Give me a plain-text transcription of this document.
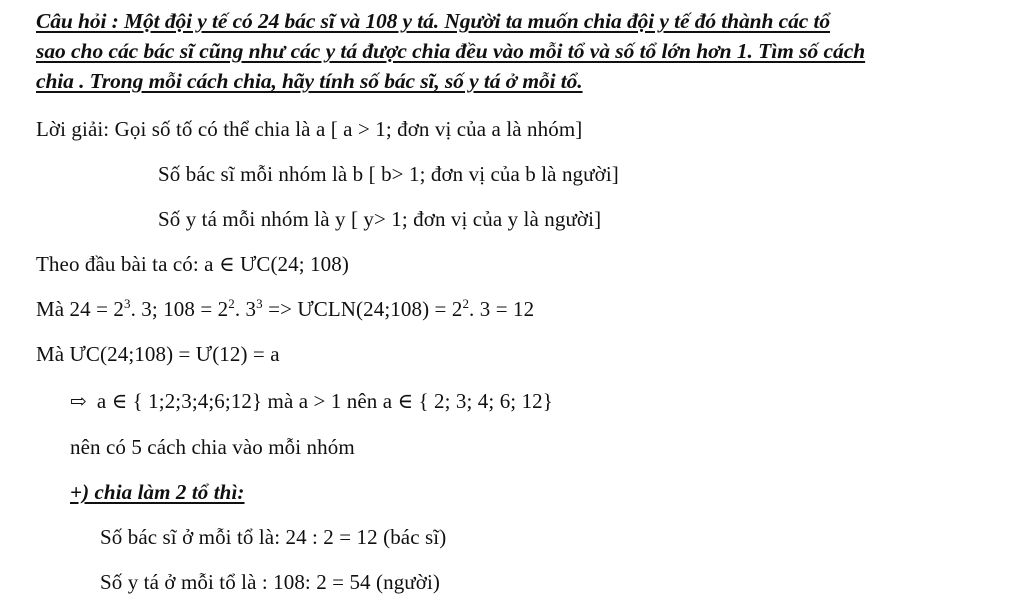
Câu hỏi : Một đội y tế có 24 bác sĩ và 108 y tá. Người ta muốn chia đội y tế đó thành các tổ
sao cho các bác sĩ cũng như các y tá được chia đều vào mỗi tổ và số tổ lớn hơn 1. Tìm số cách
chia . Trong mỗi cách chia, hãy tính số bác sĩ, số y tá ở mỗi tổ.
Lời giải: Gọi số tố có thể chia là a [ a > 1; đơn vị của a là nhóm]
Số bác sĩ mỗi nhóm là b [ b> 1; đơn vị của b là người]
Số y tá mỗi nhóm là y [ y> 1; đơn vị của y là người]
Theo đầu bài ta có: a ∈ ƯC(24; 108)
Mà $24 = 2^3$. 3; $108 = 2^2$. $3^3$ => ƯCLN(24;108) = $2^2$. 3 = 12
Mà ƯC(24;108) = Ư(12) = a
⇨ a ∈ { 1;2;3;4;6;12} mà a > 1 nên a ∈ { 2; 3; 4; 6; 12}
nên có 5 cách chia vào mỗi nhóm
+) chia làm 2 tổ thì:
Số bác sĩ ở mỗi tổ là: 24 : 2 = 12 (bác sĩ)
Số y tá ở mỗi tổ là : 108: 2 = 54 (người)
